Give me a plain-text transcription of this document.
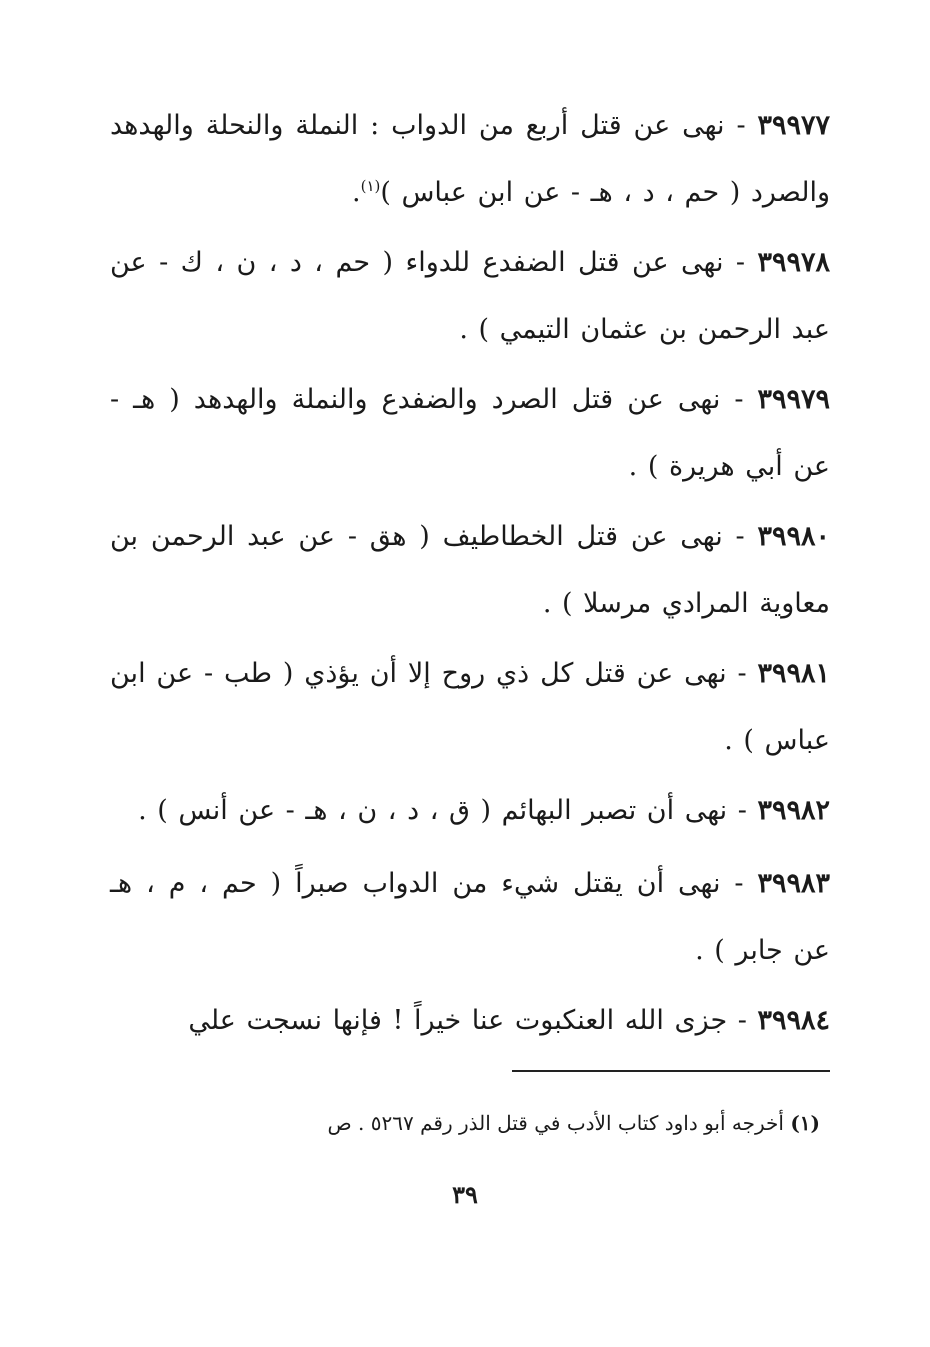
٣٩٩٧٧ - نهى عن قتل أربع من الدواب : النملة والنحلة والهدهد والصرد ( حم ، د ، هـ - عن ابن عباس )$^{(١)}$.

٣٩٩٧٨ - نهى عن قتل الضفدع للدواء ( حم ، د ، ن ، ك - عن عبد الرحمن بن عثمان التيمي ) .

٣٩٩٧٩ - نهى عن قتل الصرد والضفدع والنملة والهدهد ( هـ - عن أبي هريرة ) .

٣٩٩٨٠ - نهى عن قتل الخطاطيف ( هق - عن عبد الرحمن بن معاوية المرادي مرسلا ) .

٣٩٩٨١ - نهى عن قتل كل ذي روح إلا أن يؤذي ( طب - عن ابن عباس ) .

٣٩٩٨٢ - نهى أن تصبر البهائم ( ق ، د ، ن ، هـ - عن أنس ) .

٣٩٩٨٣ - نهى أن يقتل شيء من الدواب صبراً ( حم ، م ، هـ عن جابر ) .

٣٩٩٨٤ - جزى الله العنكبوت عنا خيراً ! فإنها نسجت علي

(١) أخرجه أبو داود كتاب الأدب في قتل الذر رقم ٥٢٦٧ . ص
٣٩
